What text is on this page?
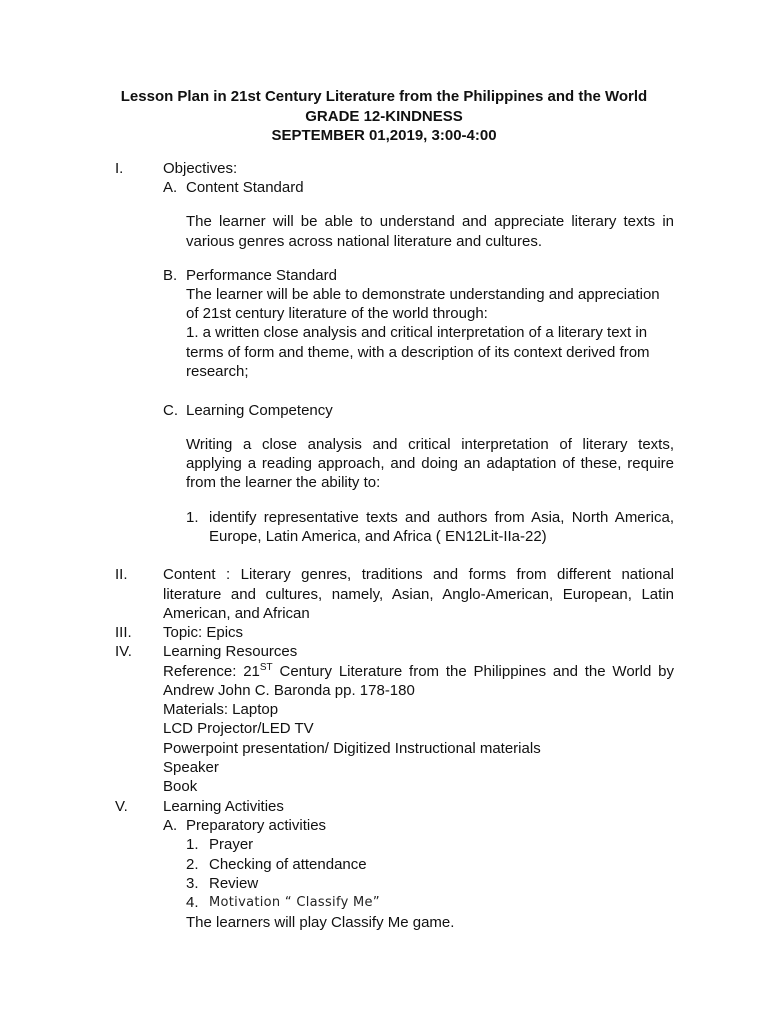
Lesson Plan in 21st Century Literature from the Philippines and the World
GRADE 12-KINDNESS
SEPTEMBER 01,2019, 3:00-4:00
I.	Objectives:
A. Content Standard
The learner will be able to understand and appreciate literary texts in
various genres across national literature and cultures.
B. Performance Standard
The learner will be able to demonstrate understanding and appreciation
of 21st century literature of the world through:
1. a written close analysis and critical interpretation of a literary text in
terms of form and theme, with a description of its context derived from
research;
C. Learning Competency
Writing a close analysis and critical interpretation of literary texts,
applying a reading approach, and doing an adaptation of these, require
from the learner the ability to:
1. identify representative texts and authors from Asia, North America,
Europe, Latin America, and Africa ( EN12Lit-IIa-22)
II. Content : Literary genres, traditions and forms from different national
literature and cultures, namely, Asian, Anglo-American, European, Latin
American, and African
III. Topic: Epics
IV. Learning Resources
Reference: 21ST Century Literature from the Philippines and the World by
Andrew John C. Baronda pp. 178-180
Materials: Laptop
LCD Projector/LED TV
Powerpoint presentation/ Digitized Instructional materials
Speaker
Book
V. Learning Activities
A. Preparatory activities
1. Prayer
2. Checking of attendance
3. Review
4. Motivation “ Classify Me”
The learners will play Classify Me game.
